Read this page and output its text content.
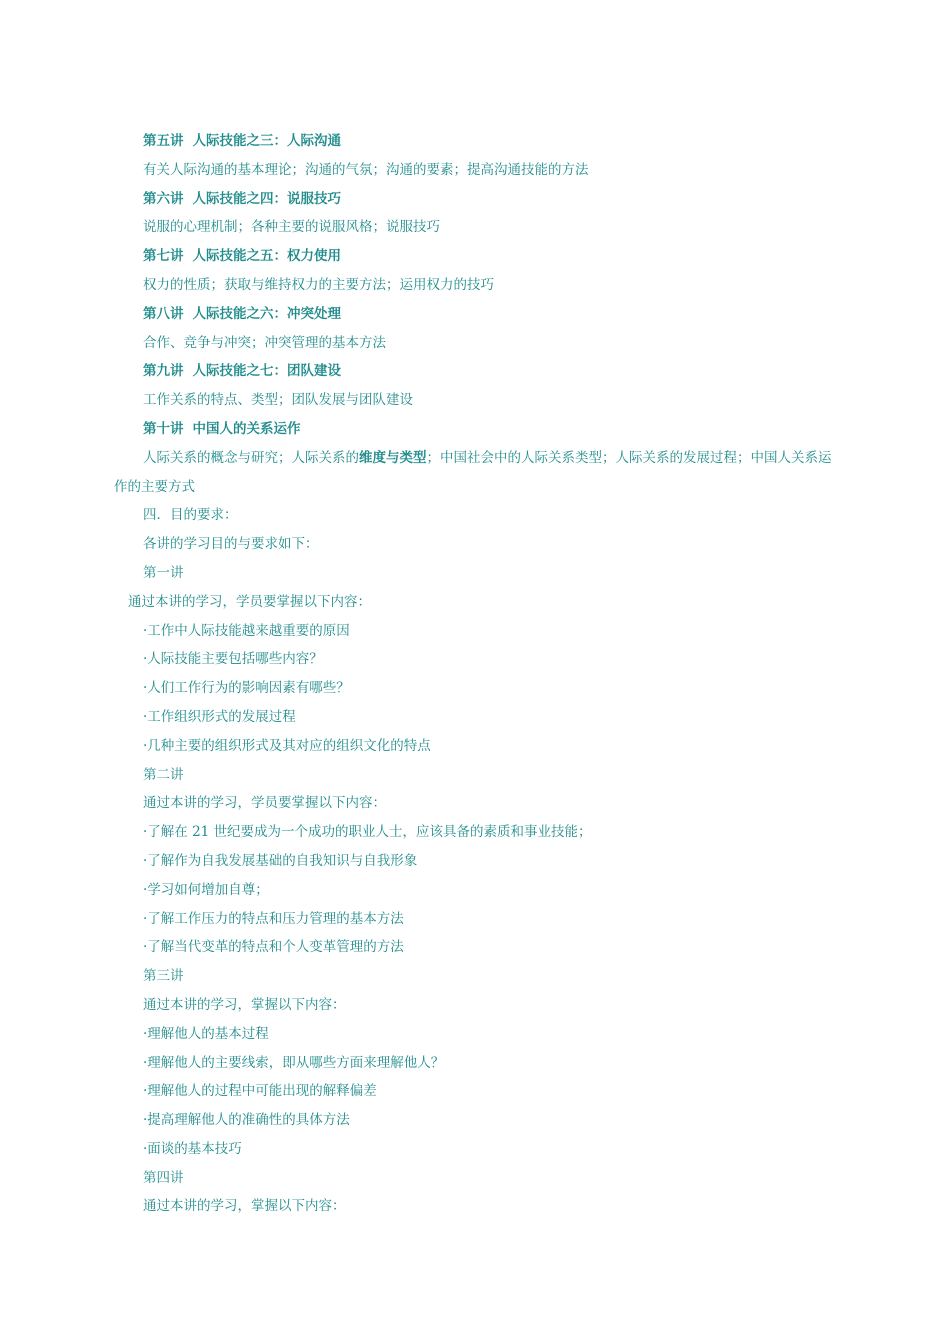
第五讲 人际技能之三：人际沟通
有关人际沟通的基本理论；沟通的气氛；沟通的要素；提高沟通技能的方法
第六讲 人际技能之四：说服技巧
说服的心理机制；各种主要的说服风格；说服技巧
第七讲 人际技能之五：权力使用
权力的性质；获取与维持权力的主要方法；运用权力的技巧
第八讲 人际技能之六：冲突处理
合作、竞争与冲突；冲突管理的基本方法
第九讲 人际技能之七：团队建设
工作关系的特点、类型；团队发展与团队建设
第十讲 中国人的关系运作
人际关系的概念与研究；人际关系的维度与类型；中国社会中的人际关系类型；人际关系的发展过程；中国人关系运作的主要方式
四．目的要求：
各讲的学习目的与要求如下：
第一讲
通过本讲的学习，学员要掌握以下内容：
·工作中人际技能越来越重要的原因
·人际技能主要包括哪些内容？
·人们工作行为的影响因素有哪些？
·工作组织形式的发展过程
·几种主要的组织形式及其对应的组织文化的特点
第二讲
通过本讲的学习，学员要掌握以下内容：
·了解在 21 世纪要成为一个成功的职业人士，应该具备的素质和事业技能；
·了解作为自我发展基础的自我知识与自我形象
·学习如何增加自尊；
·了解工作压力的特点和压力管理的基本方法
·了解当代变革的特点和个人变革管理的方法
第三讲
通过本讲的学习，掌握以下内容：
·理解他人的基本过程
·理解他人的主要线索，即从哪些方面来理解他人？
·理解他人的过程中可能出现的解释偏差
·提高理解他人的准确性的具体方法
·面谈的基本技巧
第四讲
通过本讲的学习，掌握以下内容：
